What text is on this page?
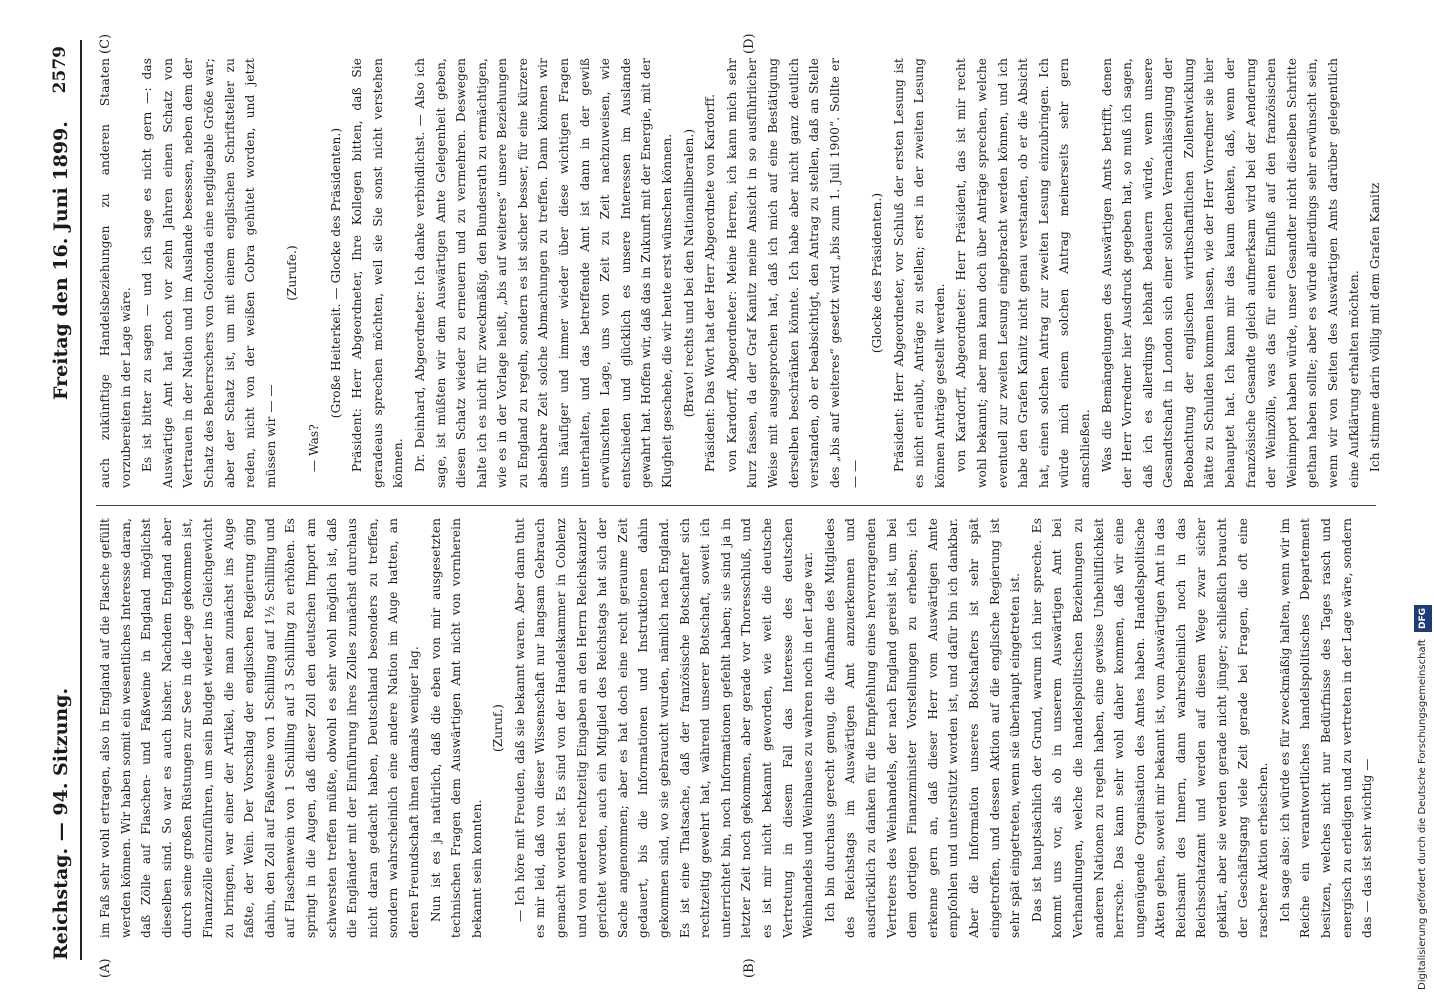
Reichstag. — 94. Sitzung.
Freitag den 16. Juni 1899.
2579
(A)	(B)
(C)	(D)

im Faß sehr wohl ertragen, also in England auf die Flasche gefüllt werden können. Wir haben somit ein wesentliches Interesse daran, daß Zölle auf Flaschen- und Faßweine in England möglichst dieselben sind. So war es auch bisher. Nachdem England aber durch seine großen Rüstungen zur See in die Lage gekommen ist, Finanzzölle einzuführen, um sein Budget wieder ins Gleichgewicht zu bringen, war einer der Artikel, die man zunächst ins Auge faßte, der Wein. Der Vorschlag der englischen Regierung ging dahin, den Zoll auf Faßweine von 1 Schilling auf 1½ Schilling und auf Flaschenwein von 1 Schilling auf 3 Schilling zu erhöhen. Es springt in die Augen, daß dieser Zoll den deutschen Import am schwersten treffen müßte, obwohl es sehr wohl möglich ist, daß die Engländer mit der Einführung ihres Zolles zunächst durchaus nicht daran gedacht haben, Deutschland besonders zu treffen, sondern wahrscheinlich eine andere Nation im Auge hatten, an deren Freundschaft ihnen damals weniger lag. Nun ist es ja natürlich, daß die eben von mir ausgesetzten technischen Fragen dem Auswärtigen Amt nicht von vornherein bekannt sein konnten.

(Zuruf.) — Ich höre mit Freuden, daß sie bekannt waren. Aber dann thut es mir leid, daß von dieser Wissenschaft nur langsam Gebrauch gemacht worden ist. Es sind von der Handelskammer in Coblenz und von anderen rechtzeitig Eingaben an den Herrn Reichskanzler gerichtet worden, auch ein Mitglied des Reichstags hat sich der Sache angenommen; aber es hat doch eine recht geraume Zeit gedauert, bis die Informationen und Instruktionen dahin gekommen sind, wo sie gebraucht wurden, nämlich nach England. Es ist eine Thatsache, daß der französische Botschafter sich rechtzeitig gewehrt hat, während unserer Botschaft, soweit ich unterrichtet bin, noch Informationen gefehlt haben; sie sind ja in letzter Zeit noch gekommen, aber gerade vor Thoresschluß, und es ist mir nicht bekannt geworden, wie weit die deutsche Vertretung in diesem Fall das Interesse des deutschen Weinhandels und Weinbaues zu wahren noch in der Lage war. Ich bin durchaus gerecht genug, die Aufnahme des Mitgliedes des Reichstags im Auswärtigen Amt anzuerkennen und ausdrücklich zu danken für die Empfehlung eines hervorragenden Vertreters des Weinhandels, der nach England gereist ist, um bei dem dortigen Finanzminister Vorstellungen zu erheben; ich erkenne gern an, daß dieser Herr vom Auswärtigen Amte empfohlen und unterstützt worden ist, und dafür bin ich dankbar. Aber die Information unseres Botschafters ist sehr spät eingetroffen, und dessen Aktion auf die englische Regierung ist sehr spät eingetreten, wenn sie überhaupt eingetreten ist. Das ist hauptsächlich der Grund, warum ich hier spreche. Es kommt uns vor, als ob in unserem Auswärtigen Amt bei Verhandlungen, welche die handelspolitischen Beziehungen zu anderen Nationen zu regeln haben, eine gewisse Unbehilflichkeit herrsche. Das kann sehr wohl daher kommen, daß wir eine ungenügende Organisation des Amtes haben. Handelspolitische Akten gehen, soweit mir bekannt ist, vom Auswärtigen Amt in das Reichsamt des Innern, dann wahrscheinlich noch in das Reichsschatzamt und werden auf diesem Wege zwar sicher geklärt, aber sie werden gerade nicht jünger; schließlich braucht der Geschäftsgang viele Zeit gerade bei Fragen, die oft eine raschere Aktion erheischen. Ich sage also: ich würde es für zweckmäßig halten, wenn wir im Reiche ein verantwortliches handelspolitisches Departement besitzen, welches nicht nur Bedürfnisse des Tages rasch und energisch zu erledigen und zu vertreten in der Lage wäre, sondern das — das ist sehr wichtig —

auch zukünftige Handelsbeziehungen zu anderen Staaten vorzubereiten in der Lage wäre. Es ist bitter zu sagen — und ich sage es nicht gern —: das Auswärtige Amt hat noch vor zehn Jahren einen Schatz von Vertrauen in der Nation und im Auslande besessen, neben dem der Schatz des Beherrschers von Golconda eine negligeable Größe war; aber der Schatz ist, um mit einem englischen Schriftsteller zu reden, nicht von der weißen Cobra gehütet worden, und jetzt müssen wir — —

(Zurufe.)

— Was?

(Große Heiterkeit. — Glocke des Präsidenten.) Präsident: Herr Abgeordneter, Ihre Kollegen bitten, daß Sie geradeaus sprechen möchten, weil sie Sie sonst nicht verstehen können. Dr. Deinhard, Abgeordneter: Ich danke verbindlichst. — Also ich sage, ist müßten wir dem Auswärtigen Amte Gelegenheit geben, diesen Schatz wieder zu erneuern und zu vermehren. Deswegen halte ich es nicht für zweckmäßig, den Bundesrath zu ermächtigen, wie es in der Vorlage heißt, „bis auf weiteres“ unsere Beziehungen zu England zu regeln, sondern es ist sicher besser, für eine kürzere absehbare Zeit solche Abmachungen zu treffen. Dann können wir uns häufiger und immer wieder über diese wichtigen Fragen unterhalten, und das betreffende Amt ist dann in der gewiß erwünschten Lage, uns von Zeit zu Zeit nachzuweisen, wie entschieden und glücklich es unsere Interessen im Auslande gewahrt hat. Hoffen wir, daß das in Zukunft mit der Energie, mit der Klugheit geschehe, die wir heute erst wünschen können. (Bravo! rechts und bei den Nationalliberalen.) Präsident: Das Wort hat der Herr Abgeordnete von Kardorff. von Kardorff, Abgeordneter: Meine Herren, ich kann mich sehr kurz fassen, da der Graf Kanitz meine Ansicht in so ausführlicher Weise mit ausgesprochen hat, daß ich mich auf eine Bestätigung derselben beschränken könnte. Ich habe aber nicht ganz deutlich verstanden, ob er beabsichtigt, den Antrag zu stellen, daß an Stelle des „bis auf weiteres“ gesetzt wird „bis zum 1. Juli 1900“. Sollte er — —

(Glocke des Präsidenten.) Präsident: Herr Abgeordneter, vor Schluß der ersten Lesung ist es nicht erlaubt, Anträge zu stellen; erst in der zweiten Lesung können Anträge gestellt werden. von Kardorff, Abgeordneter: Herr Präsident, das ist mir recht wohl bekannt; aber man kann doch über Anträge sprechen, welche eventuell zur zweiten Lesung eingebracht werden können, und ich habe den Grafen Kanitz nicht genau verstanden, ob er die Absicht hat, einen solchen Antrag zur zweiten Lesung einzubringen. Ich würde mich einem solchen Antrag meinerseits sehr gern anschließen. Was die Bemängelungen des Auswärtigen Amts betrifft, denen der Herr Vorredner hier Ausdruck gegeben hat, so muß ich sagen, daß ich es allerdings lebhaft bedauern würde, wenn unsere Gesandtschaft in London sich einer solchen Vernachlässigung der Beobachtung der englischen wirthschaftlichen Zollentwicklung hätte zu Schulden kommen lassen, wie der Herr Vorredner sie hier behauptet hat. Ich kann mir das kaum denken, daß, wenn der französische Gesandte gleich aufmerksam wird bei der Aenderung der Weinzölle, was das für einen Einfluß auf den französischen Weinimport haben würde, unser Gesandter nicht dieselben Schritte gethan haben sollte; aber es würde allerdings sehr erwünscht sein, wenn wir von Seiten des Auswärtigen Amts darüber gelegentlich eine Aufklärung erhalten möchten. Ich stimme darin völlig mit dem Grafen Kanitz

Digitalisierung gefördert durch die Deutsche Forschungsgemeinschaft DFG
